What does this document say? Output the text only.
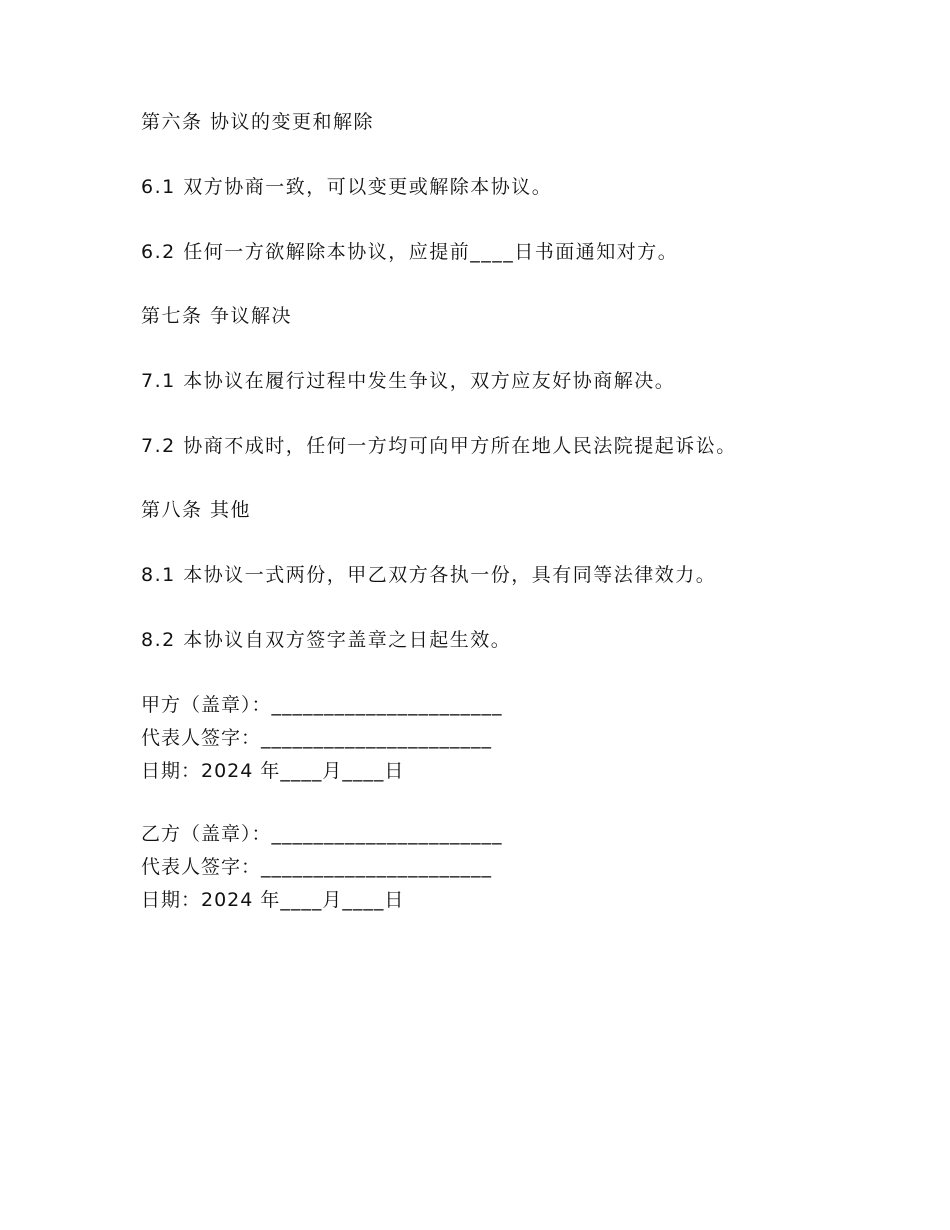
第六条 协议的变更和解除
6.1 双方协商一致，可以变更或解除本协议。
6.2 任何一方欲解除本协议，应提前____日书面通知对方。
第七条 争议解决
7.1 本协议在履行过程中发生争议，双方应友好协商解决。
7.2 协商不成时，任何一方均可向甲方所在地人民法院提起诉讼。
第八条 其他
8.1 本协议一式两份，甲乙双方各执一份，具有同等法律效力。
8.2 本协议自双方签字盖章之日起生效。
甲方（盖章）：______________________
代表人签字：______________________
日期：2024 年____月____日
乙方（盖章）：______________________
代表人签字：______________________
日期：2024 年____月____日
